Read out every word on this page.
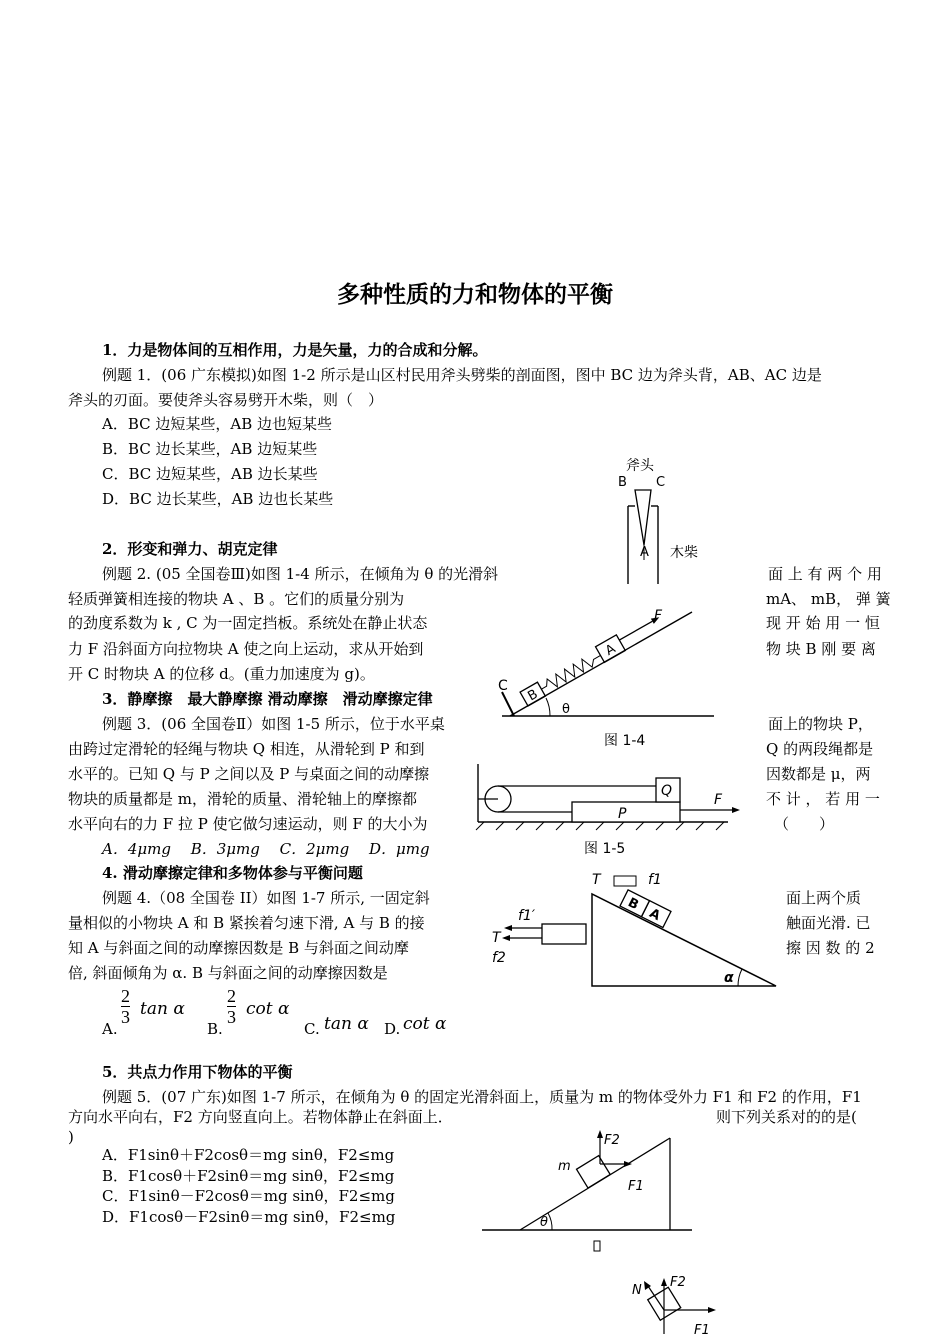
多种性质的力和物体的平衡
1．力是物体间的互相作用，力是矢量，力的合成和分解。
例题 1．(06 广东模拟)如图 1-2 所示是山区村民用斧头劈柴的剖面图，图中 BC 边为斧头背，AB、AC 边是
斧头的刃面。要使斧头容易劈开木柴，则（　）
A．BC 边短某些，AB 边也短某些
B．BC 边长某些，AB 边短某些
C．BC 边短某些，AB 边长某些
D．BC 边长某些，AB 边也长某些
斧头
B C
A 木柴
2．形变和弹力、胡克定律
例题 2. (05 全国卷Ⅲ)如图 1-4 所示，在倾角为 θ 的光滑斜	面 上 有 两 个 用
轻质弹簧相连接的物块 A 、B 。它们的质量分别为	mA、 mB， 弹 簧
的劲度系数为 k , C 为一固定挡板。系统处在静止状态	现 开 始 用 一 恒
力 F 沿斜面方向拉物块 A 使之向上运动，求从开始到	物 块 B 刚 要 离
开 C 时物块 A 的位移 d。(重力加速度为 g)。
C
B
A
F
θ
图 1-4
3．静摩擦　最大静摩擦 滑动摩擦　滑动摩擦定律
例题 3．(06 全国卷Ⅱ）如图 1-5 所示，位于水平桌	面上的物块 P，
由跨过定滑轮的轻绳与物块 Q 相连，从滑轮到 P 和到	Q 的两段绳都是
水平的。已知 Q 与 P 之间以及 P 与桌面之间的动摩擦	因数都是 μ，两
物块的质量都是 m，滑轮的质量、滑轮轴上的摩擦都	不 计 ， 若 用 一
水平向右的力 F 拉 P 使它做匀速运动，则 F 的大小为	（　　）
A．4μmg　 B．3μmg　 C．2μmg　 D．μmg
P
Q
F
图 1-5
4. 滑动摩擦定律和多物体参与平衡问题
例题 4.（08 全国卷 II）如图 1-7 所示, 一固定斜	面上两个质
量相似的小物块 A 和 B 紧挨着匀速下滑, A 与 B 的接	触面光滑. 已
知 A 与斜面之间的动摩擦因数是 B 与斜面之间动摩	擦 因 数 的 2
倍, 斜面倾角为 α. B 与斜面之间的动摩擦因数是
A.
2
3 tan α
B.
2
3 cot α
C. tan α D. cot α
T	f1
B
A
f1′
T
f2
α
5．共点力作用下物体的平衡
例题 5．(07 广东)如图 1-7 所示，在倾角为 θ 的固定光滑斜面上，质量为 m 的物体受外力 F1 和 F2 的作用，F1
方向水平向右，F2 方向竖直向上。若物体静止在斜面上．	则下列关系对的的是(
)
A．F1sinθ＋F2cosθ＝mg sinθ，F2≤mg
B．F1cosθ＋F2sinθ＝mg sinθ，F2≤mg
C．F1sinθ－F2cosθ＝mg sinθ，F2≤mg
D．F1cosθ－F2sinθ＝mg sinθ，F2≤mg	θ
F2
F1
m
N
F2
F1
